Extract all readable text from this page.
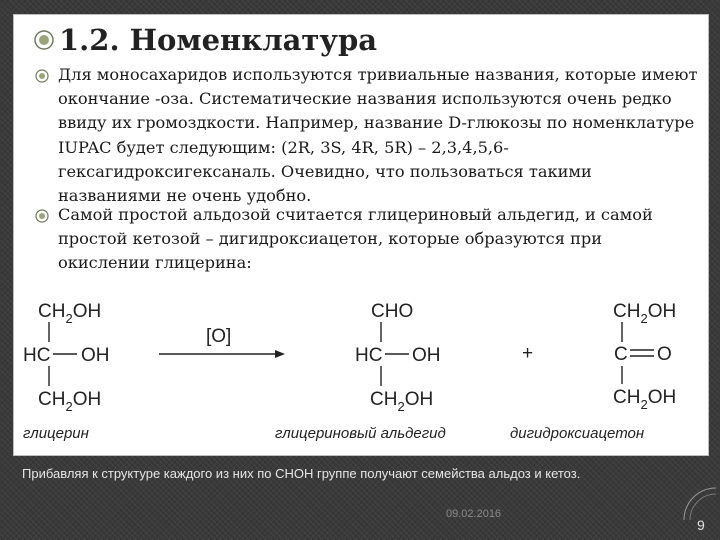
1.2. Номенклатура
Для моносахаридов используются тривиальные названия, которые имеют окончание -оза. Систематические названия используются очень редко ввиду их громоздкости. Например, название D-глюкозы по номенклатуре IUPAC будет следующим: (2R, 3S, 4R, 5R) – 2,3,4,5,6-гексагидроксигексаналь. Очевидно, что пользоваться такими названиями не очень удобно.
Самой простой альдозой считается глицериновый альдегид, и самой простой кетозой – дигидроксиацетон, которые образуются при окислении глицерина:
$CH_2OH$
HC OH
$CH_2OH$
глицерин
[O]
CHO
HC OH
$CH_2OH$
глицериновый альдегид
+
$CH_2OH$
C O
$CH_2OH$
дигидроксиацетон
Прибавляя к структуре каждого из них по CHOH группе получают семейства альдоз и кетоз.
09.02.2016
9
